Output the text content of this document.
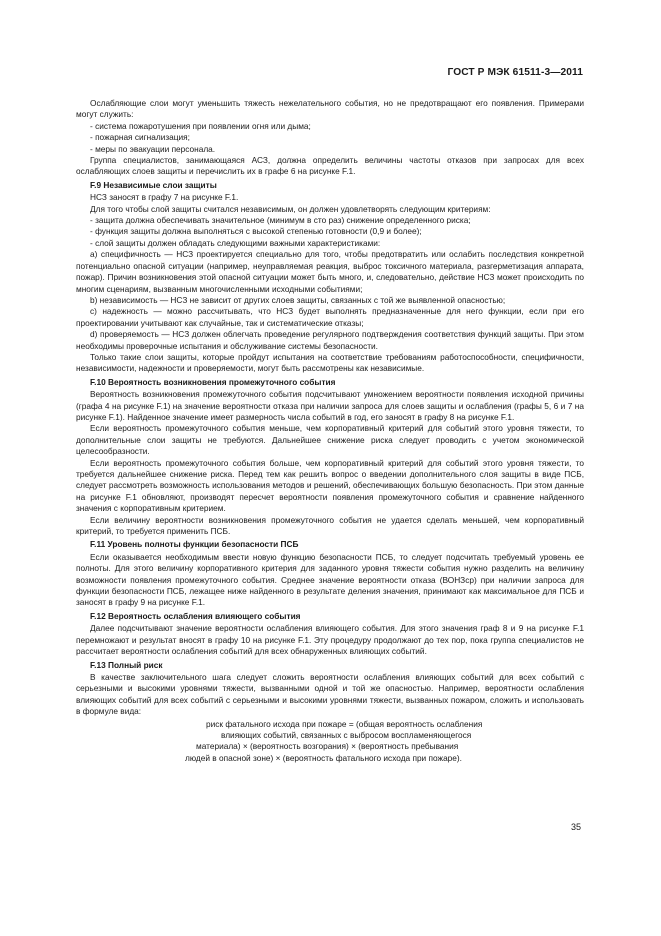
ГОСТ Р МЭК 61511-3—2011

Ослабляющие слои могут уменьшить тяжесть нежелательного события, но не предотвращают его появления. Примерами могут служить:

- система пожаротушения при появлении огня или дыма;

- пожарная сигнализация;

- меры по эвакуации персонала.

Группа специалистов, занимающаяся АСЗ, должна определить величины частоты отказов при запросах для всех ослабляющих слоев защиты и перечислить их в графе 6 на рисунке F.1.

F.9 Независимые слои защиты

НСЗ заносят в графу 7 на рисунке F.1.

Для того чтобы слой защиты считался независимым, он должен удовлетворять следующим критериям:

- защита должна обеспечивать значительное (минимум в сто раз) снижение определенного риска;

- функция защиты должна выполняться с высокой степенью готовности (0,9 и более);

- слой защиты должен обладать следующими важными характеристиками:

а) специфичность — НСЗ проектируется специально для того, чтобы предотвратить или ослабить последствия конкретной потенциально опасной ситуации (например, неуправляемая реакция, выброс токсичного материала, разгерметизация аппарата, пожар). Причин возникновения этой опасной ситуации может быть много, и, следовательно, действие НСЗ может происходить по многим сценариям, вызванным многочисленными исходными событиями;

b) независимость — НСЗ не зависит от других слоев защиты, связанных с той же выявленной опасностью;

с) надежность — можно рассчитывать, что НСЗ будет выполнять предназначенные для него функции, если при его проектировании учитывают как случайные, так и систематические отказы;

d) проверяемость — НСЗ должен облегчать проведение регулярного подтверждения соответствия функций защиты. При этом необходимы проверочные испытания и обслуживание системы безопасности.

Только такие слои защиты, которые пройдут испытания на соответствие требованиям работоспособности, специфичности, независимости, надежности и проверяемости, могут быть рассмотрены как независимые.

F.10 Вероятность возникновения промежуточного события

Вероятность возникновения промежуточного события подсчитывают умножением вероятности появления исходной причины (графа 4 на рисунке F.1) на значение вероятности отказа при наличии запроса для слоев защиты и ослабления (графы 5, 6 и 7 на рисунке F.1). Найденное значение имеет размерность числа событий в год, его заносят в графу 8 на рисунке F.1.

Если вероятность промежуточного события меньше, чем корпоративный критерий для событий этого уровня тяжести, то дополнительные слои защиты не требуются. Дальнейшее снижение риска следует проводить с учетом экономической целесообразности.

Если вероятность промежуточного события больше, чем корпоративный критерий для событий этого уровня тяжести, то требуется дальнейшее снижение риска. Перед тем как решить вопрос о введении дополнительного слоя защиты в виде ПСБ, следует рассмотреть возможность использования методов и решений, обеспечивающих большую безопасность. При этом данные на рисунке F.1 обновляют, производят пересчет вероятности появления промежуточного события и сравнение найденного значения с корпоративным критерием.

Если величину вероятности возникновения промежуточного события не удается сделать меньшей, чем корпоративный критерий, то требуется применить ПСБ.

F.11 Уровень полноты функции безопасности ПСБ

Если оказывается необходимым ввести новую функцию безопасности ПСБ, то следует подсчитать требуемый уровень ее полноты. Для этого величину корпоративного критерия для заданного уровня тяжести события нужно разделить на величину возможности появления промежуточного события. Среднее значение вероятности отказа (ВОНЗср) при наличии запроса для функции безопасности ПСБ, лежащее ниже найденного в результате деления значения, принимают как максимальное для ПСБ и заносят в графу 9 на рисунке F.1.

F.12 Вероятность ослабления влияющего события

Далее подсчитывают значение вероятности ослабления влияющего события. Для этого значения граф 8 и 9 на рисунке F.1 перемножают и результат вносят в графу 10 на рисунке F.1. Эту процедуру продолжают до тех пор, пока группа специалистов не рассчитает вероятности ослабления событий для всех обнаруженных влияющих событий.

F.13 Полный риск

В качестве заключительного шага следует сложить вероятности ослабления влияющих событий для всех событий с серьезными и высокими уровнями тяжести, вызванными одной и той же опасностью. Например, вероятности ослабления влияющих событий для всех событий с серьезными и высокими уровнями тяжести, вызванных пожаром, сложить и использовать в формуле вида:

риск фатального исхода при пожаре = (общая вероятность ослабления

влияющих событий, связанных с выбросом воспламеняющегося

материала) × (вероятность возгорания) × (вероятность пребывания

людей в опасной зоне) × (вероятность фатального исхода при пожаре).

35
